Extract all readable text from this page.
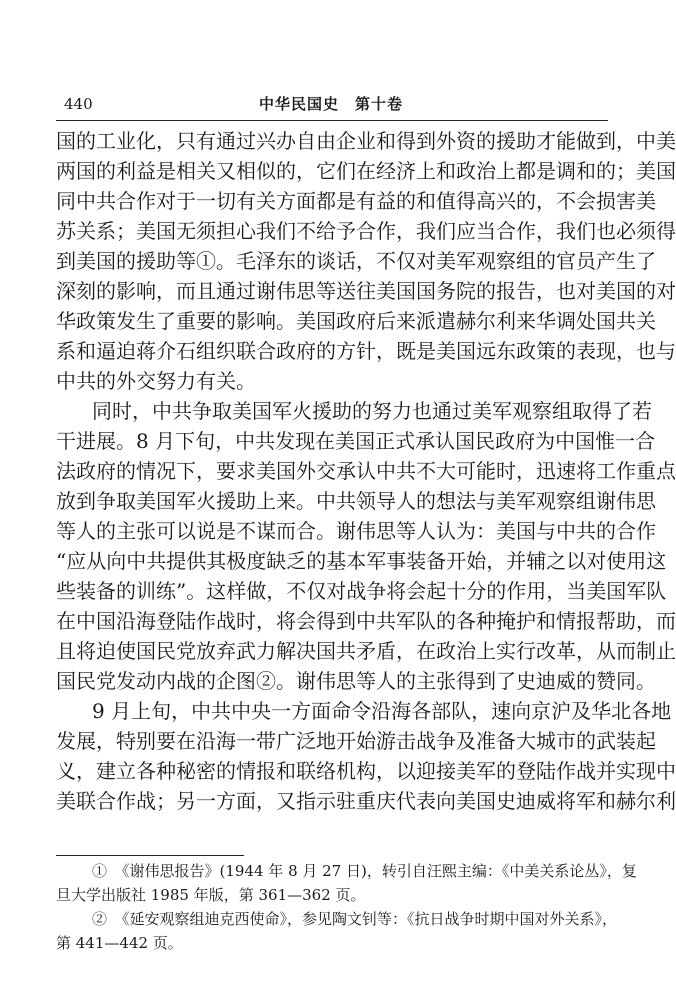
440	中华民国史　第十卷
国的工业化，只有通过兴办自由企业和得到外资的援助才能做到，中美
两国的利益是相关又相似的，它们在经济上和政治上都是调和的；美国
同中共合作对于一切有关方面都是有益的和值得高兴的，不会损害美
苏关系；美国无须担心我们不给予合作，我们应当合作，我们也必须得
到美国的援助等①。毛泽东的谈话，不仅对美军观察组的官员产生了
深刻的影响，而且通过谢伟思等送往美国国务院的报告，也对美国的对
华政策发生了重要的影响。美国政府后来派遣赫尔利来华调处国共关
系和逼迫蒋介石组织联合政府的方针，既是美国远东政策的表现，也与
中共的外交努力有关。
同时，中共争取美国军火援助的努力也通过美军观察组取得了若
干进展。8 月下旬，中共发现在美国正式承认国民政府为中国惟一合
法政府的情况下，要求美国外交承认中共不大可能时，迅速将工作重点
放到争取美国军火援助上来。中共领导人的想法与美军观察组谢伟思
等人的主张可以说是不谋而合。谢伟思等人认为：美国与中共的合作
“应从向中共提供其极度缺乏的基本军事装备开始，并辅之以对使用这
些装备的训练”。这样做，不仅对战争将会起十分的作用，当美国军队
在中国沿海登陆作战时，将会得到中共军队的各种掩护和情报帮助，而
且将迫使国民党放弃武力解决国共矛盾，在政治上实行改革，从而制止
国民党发动内战的企图②。谢伟思等人的主张得到了史迪威的赞同。
9 月上旬，中共中央一方面命令沿海各部队，速向京沪及华北各地
发展，特别要在沿海一带广泛地开始游击战争及准备大城市的武装起
义，建立各种秘密的情报和联络机构，以迎接美军的登陆作战并实现中
美联合作战；另一方面，又指示驻重庆代表向美国史迪威将军和赫尔利
①　《谢伟思报告》(1944 年 8 月 27 日)，转引自汪熙主编：《中美关系论丛》，复
旦大学出版社 1985 年版，第 361—362 页。
②　《延安观察组迪克西使命》，参见陶文钊等：《抗日战争时期中国对外关系》，
第 441—442 页。
